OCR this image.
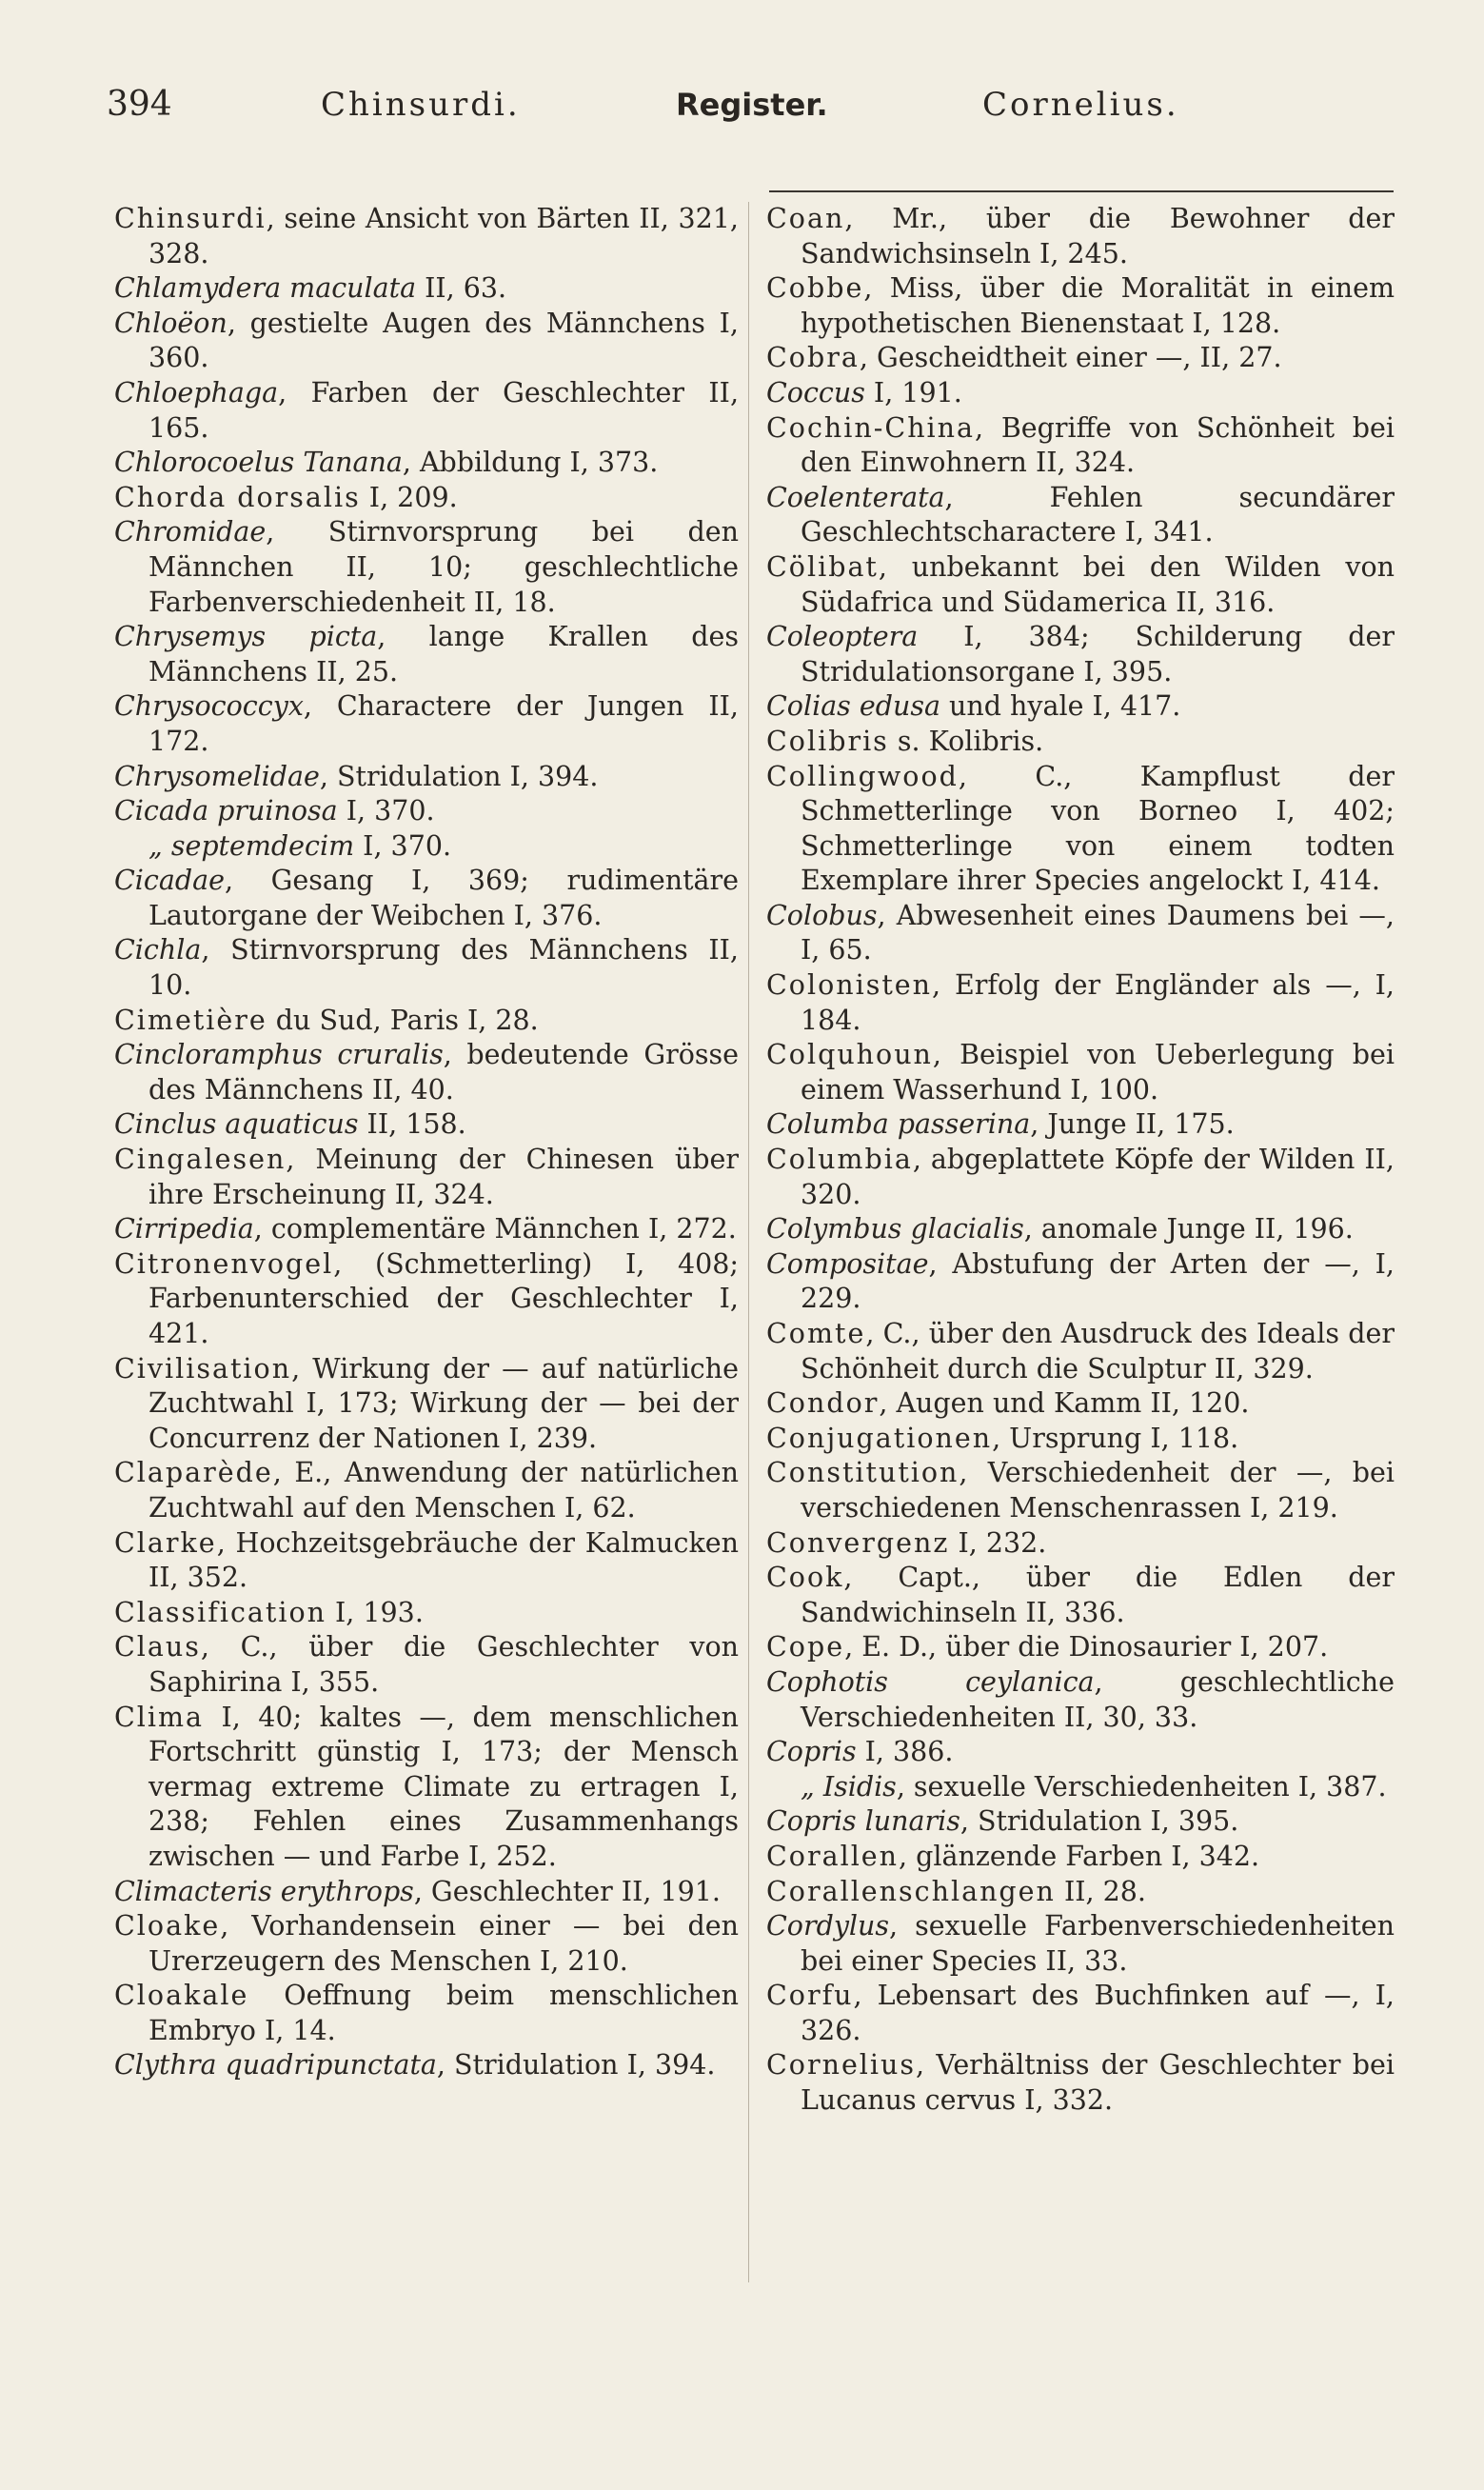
394	Chinsurdi.	Register.	Cornelius.

Chinsurdi, seine Ansicht von Bärten II, 321, 328.

Chlamydera maculata II, 63.

Chloëon, gestielte Augen des Männchens I, 360.

Chloephaga, Farben der Geschlechter II, 165.

Chlorocoelus Tanana, Abbildung I, 373.

Chorda dorsalis I, 209.

Chromidae, Stirnvorsprung bei den Männchen II, 10; geschlechtliche Farbenverschiedenheit II, 18.

Chrysemys picta, lange Krallen des Männchens II, 25.

Chrysococcyx, Charactere der Jungen II, 172.

Chrysomelidae, Stridulation I, 394.

Cicada pruinosa I, 370.

„ septemdecim I, 370.

Cicadae, Gesang I, 369; rudimentäre Lautorgane der Weibchen I, 376.

Cichla, Stirnvorsprung des Männchens II, 10.

Cimetière du Sud, Paris I, 28.

Cincloramphus cruralis, bedeutende Grösse des Männchens II, 40.

Cinclus aquaticus II, 158.

Cingalesen, Meinung der Chinesen über ihre Erscheinung II, 324.

Cirripedia, complementäre Männchen I, 272.

Citronenvogel, (Schmetterling) I, 408; Farbenunterschied der Geschlechter I, 421.

Civilisation, Wirkung der — auf natürliche Zuchtwahl I, 173; Wirkung der — bei der Concurrenz der Nationen I, 239.

Claparède, E., Anwendung der natürlichen Zuchtwahl auf den Menschen I, 62.

Clarke, Hochzeitsgebräuche der Kalmucken II, 352.

Classification I, 193.

Claus, C., über die Geschlechter von Saphirina I, 355.

Clima I, 40; kaltes —, dem menschlichen Fortschritt günstig I, 173; der Mensch vermag extreme Climate zu ertragen I, 238; Fehlen eines Zusammenhangs zwischen — und Farbe I, 252.

Climacteris erythrops, Geschlechter II, 191.

Cloake, Vorhandensein einer — bei den Urerzeugern des Menschen I, 210.

Cloakale Oeffnung beim menschlichen Embryo I, 14.

Clythra quadripunctata, Stridulation I, 394.

Coan, Mr., über die Bewohner der Sandwichsinseln I, 245.

Cobbe, Miss, über die Moralität in einem hypothetischen Bienenstaat I, 128.

Cobra, Gescheidtheit einer —, II, 27.

Coccus I, 191.

Cochin-China, Begriffe von Schönheit bei den Einwohnern II, 324.

Coelenterata, Fehlen secundärer Geschlechtscharactere I, 341.

Cölibat, unbekannt bei den Wilden von Südafrica und Südamerica II, 316.

Coleoptera I, 384; Schilderung der Stridulationsorgane I, 395.

Colias edusa und hyale I, 417.

Colibris s. Kolibris.

Collingwood, C., Kampflust der Schmetterlinge von Borneo I, 402; Schmetterlinge von einem todten Exemplare ihrer Species angelockt I, 414.

Colobus, Abwesenheit eines Daumens bei —, I, 65.

Colonisten, Erfolg der Engländer als —, I, 184.

Colquhoun, Beispiel von Ueberlegung bei einem Wasserhund I, 100.

Columba passerina, Junge II, 175.

Columbia, abgeplattete Köpfe der Wilden II, 320.

Colymbus glacialis, anomale Junge II, 196.

Compositae, Abstufung der Arten der —, I, 229.

Comte, C., über den Ausdruck des Ideals der Schönheit durch die Sculptur II, 329.

Condor, Augen und Kamm II, 120.

Conjugationen, Ursprung I, 118.

Constitution, Verschiedenheit der —, bei verschiedenen Menschenrassen I, 219.

Convergenz I, 232.

Cook, Capt., über die Edlen der Sandwichinseln II, 336.

Cope, E. D., über die Dinosaurier I, 207.

Cophotis ceylanica, geschlechtliche Verschiedenheiten II, 30, 33.

Copris I, 386.

„ Isidis, sexuelle Verschiedenheiten I, 387.

Copris lunaris, Stridulation I, 395.

Corallen, glänzende Farben I, 342.

Corallenschlangen II, 28.

Cordylus, sexuelle Farbenverschiedenheiten bei einer Species II, 33.

Corfu, Lebensart des Buchfinken auf —, I, 326.

Cornelius, Verhältniss der Geschlechter bei Lucanus cervus I, 332.
